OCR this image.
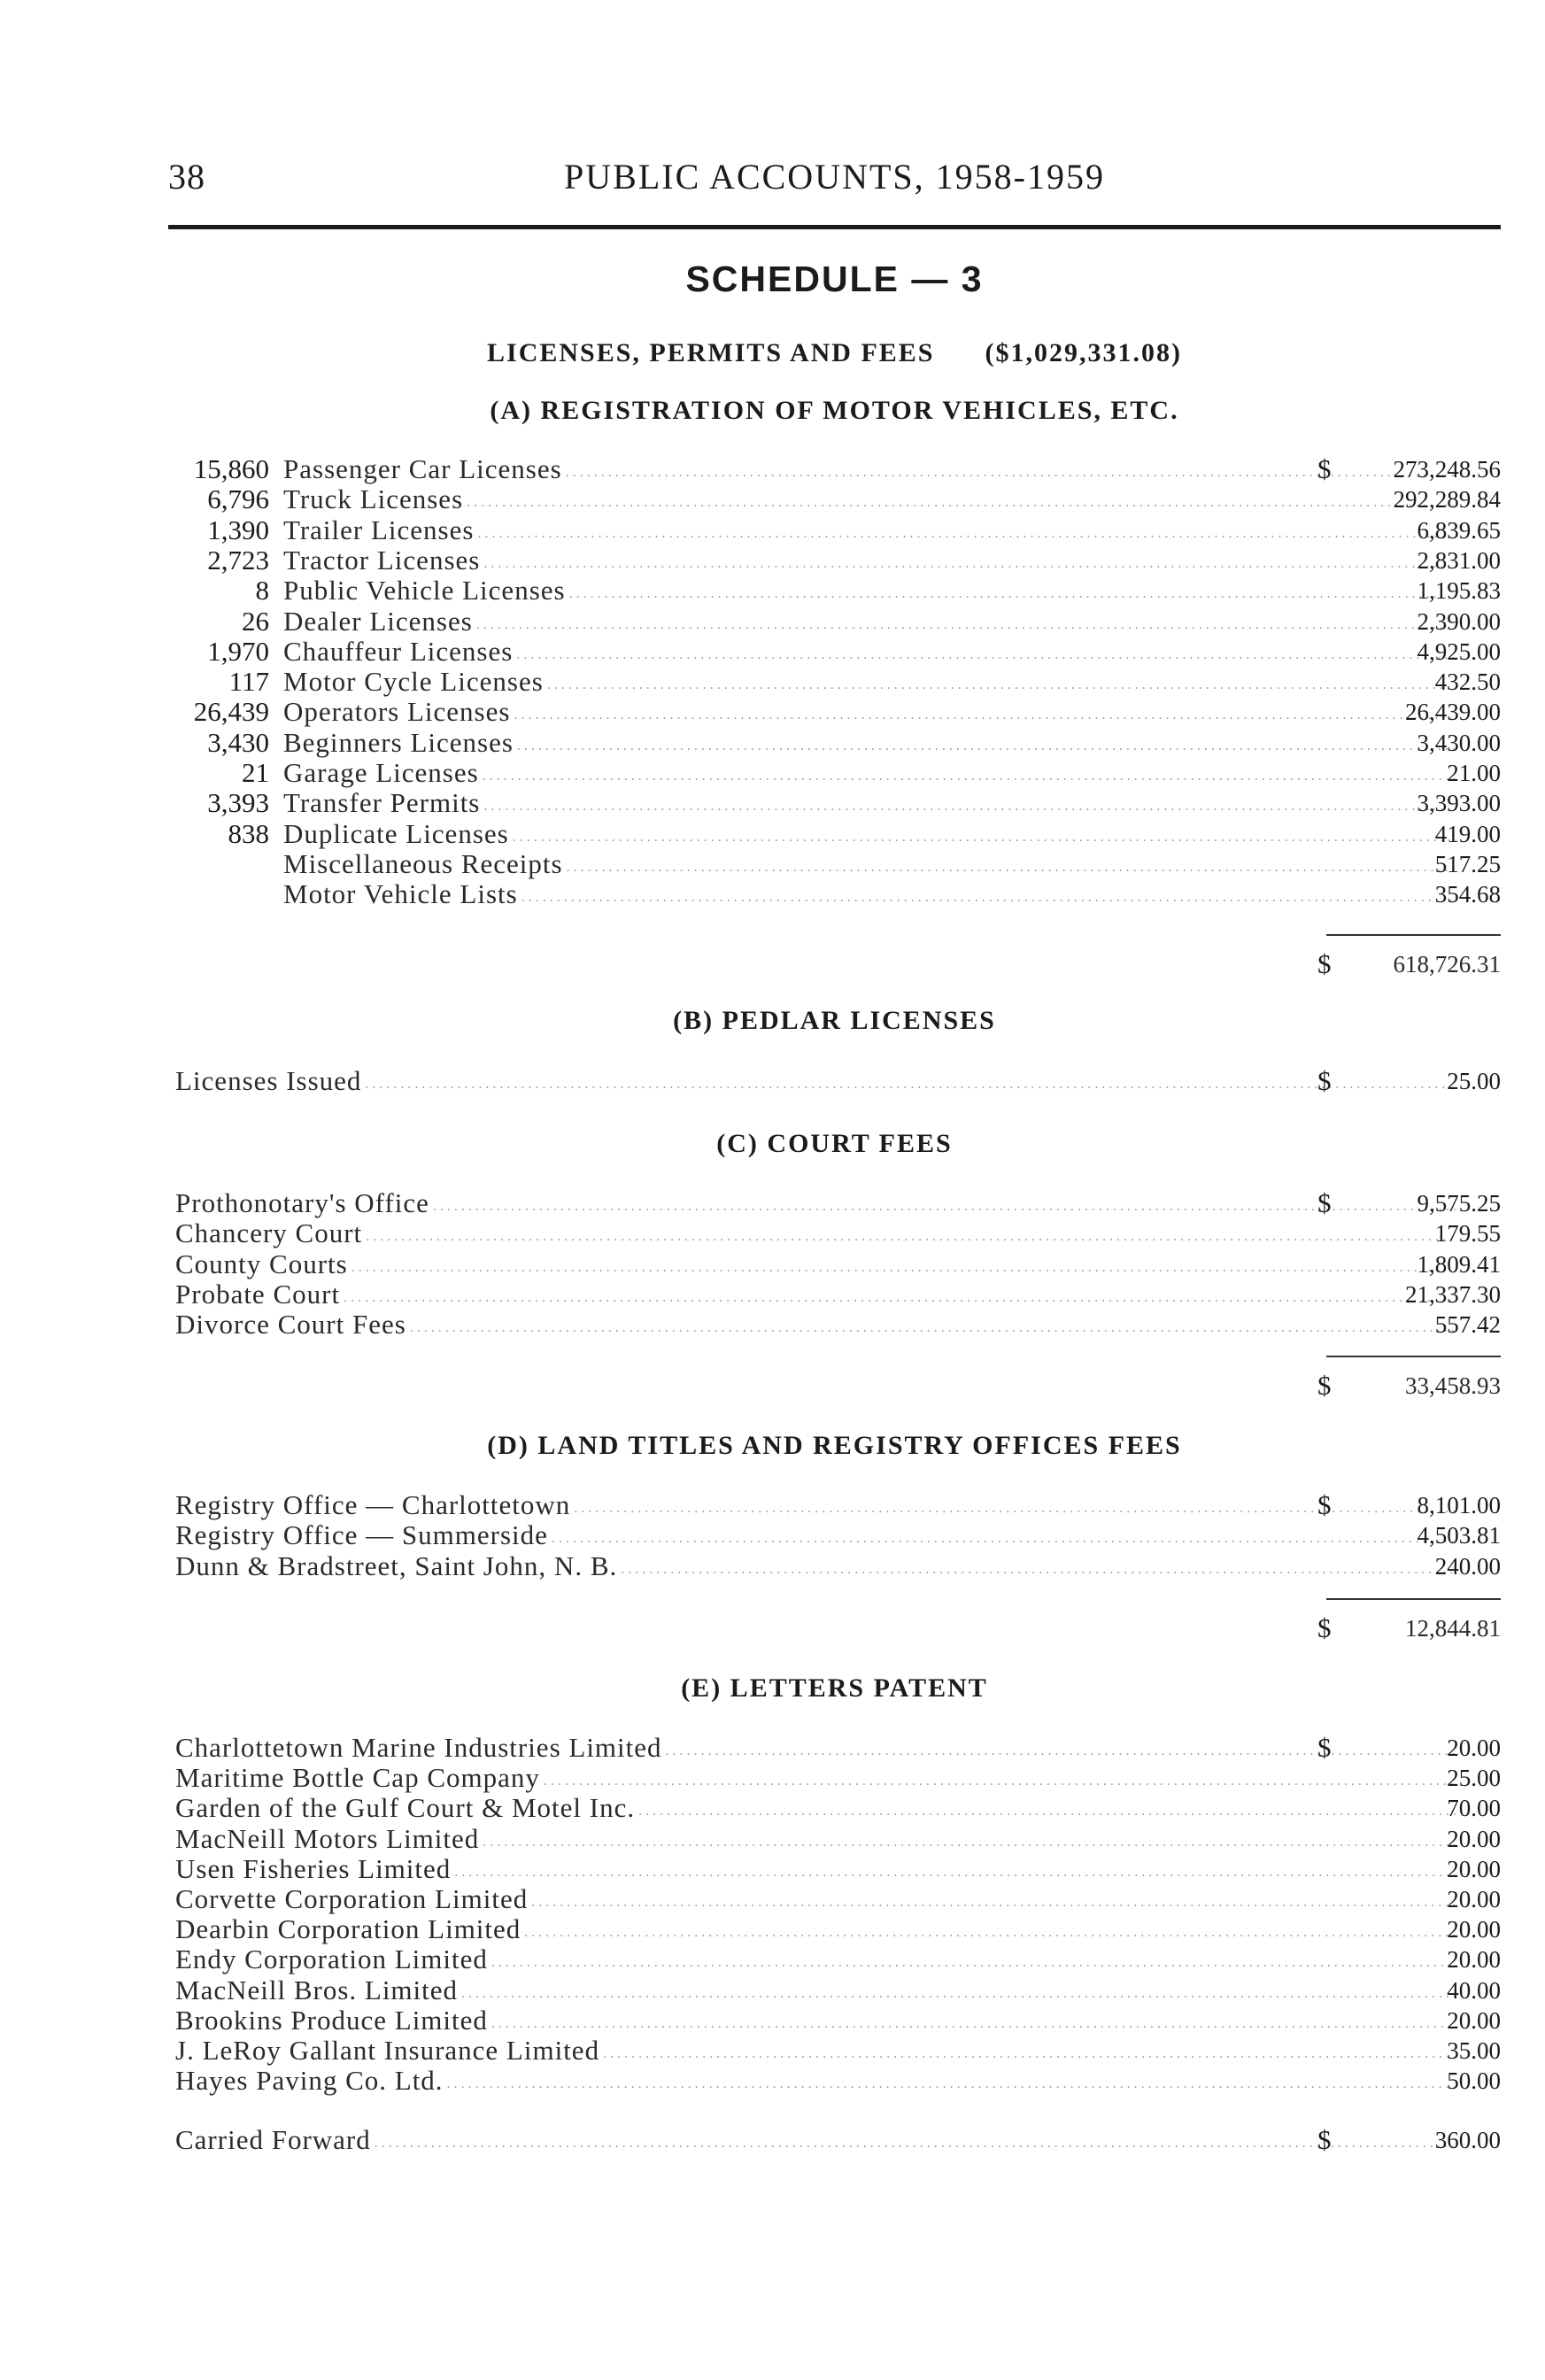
38	PUBLIC ACCOUNTS, 1958-1959
SCHEDULE — 3
LICENSES, PERMITS AND FEES ($1,029,331.08)
(A) REGISTRATION OF MOTOR VEHICLES, ETC.
15,860 Passenger Car Licenses . . .	$	273,248.56
6,796 Truck Licenses . . .	292,289.84
1,390 Trailer Licenses . . .	6,839.65
2,723 Tractor Licenses . . .	2,831.00
8 Public Vehicle Licenses . . .	1,195.83
26 Dealer Licenses . . .	2,390.00
1,970 Chauffeur Licenses . . .	4,925.00
117 Motor Cycle Licenses . . .	432.50
26,439 Operators Licenses . . .	26,439.00
3,430 Beginners Licenses . . .	3,430.00
21 Garage Licenses . . .	21.00
3,393 Transfer Permits . . .	3,393.00
838 Duplicate Licenses . . .	419.00
Miscellaneous Receipts . . .	517.25
Motor Vehicle Lists . . .	354.68
$	618,726.31
(B) PEDLAR LICENSES
Licenses Issued . . .	$	25.00
(C) COURT FEES
Prothonotary's Office . . .	$	9,575.25
Chancery Court . . .	179.55
County Courts . . .	1,809.41
Probate Court . . .	21,337.30
Divorce Court Fees . . .	557.42
$	33,458.93
(D) LAND TITLES AND REGISTRY OFFICES FEES
Registry Office — Charlottetown . . .	$	8,101.00
Registry Office — Summerside . . .	4,503.81
Dunn & Bradstreet, Saint John, N. B. . . .	240.00
$	12,844.81
(E) LETTERS PATENT
Charlottetown Marine Industries Limited . . .	$	20.00
Maritime Bottle Cap Company . . .	25.00
Garden of the Gulf Court & Motel Inc. . . .	70.00
MacNeill Motors Limited . . .	20.00
Usen Fisheries Limited . . .	20.00
Corvette Corporation Limited . . .	20.00
Dearbin Corporation Limited . . .	20.00
Endy Corporation Limited . . .	20.00
MacNeill Bros. Limited . . .	40.00
Brookins Produce Limited . . .	20.00
J. LeRoy Gallant Insurance Limited . . .	35.00
Hayes Paving Co. Ltd. . . .	50.00
Carried Forward . . .	$	360.00
